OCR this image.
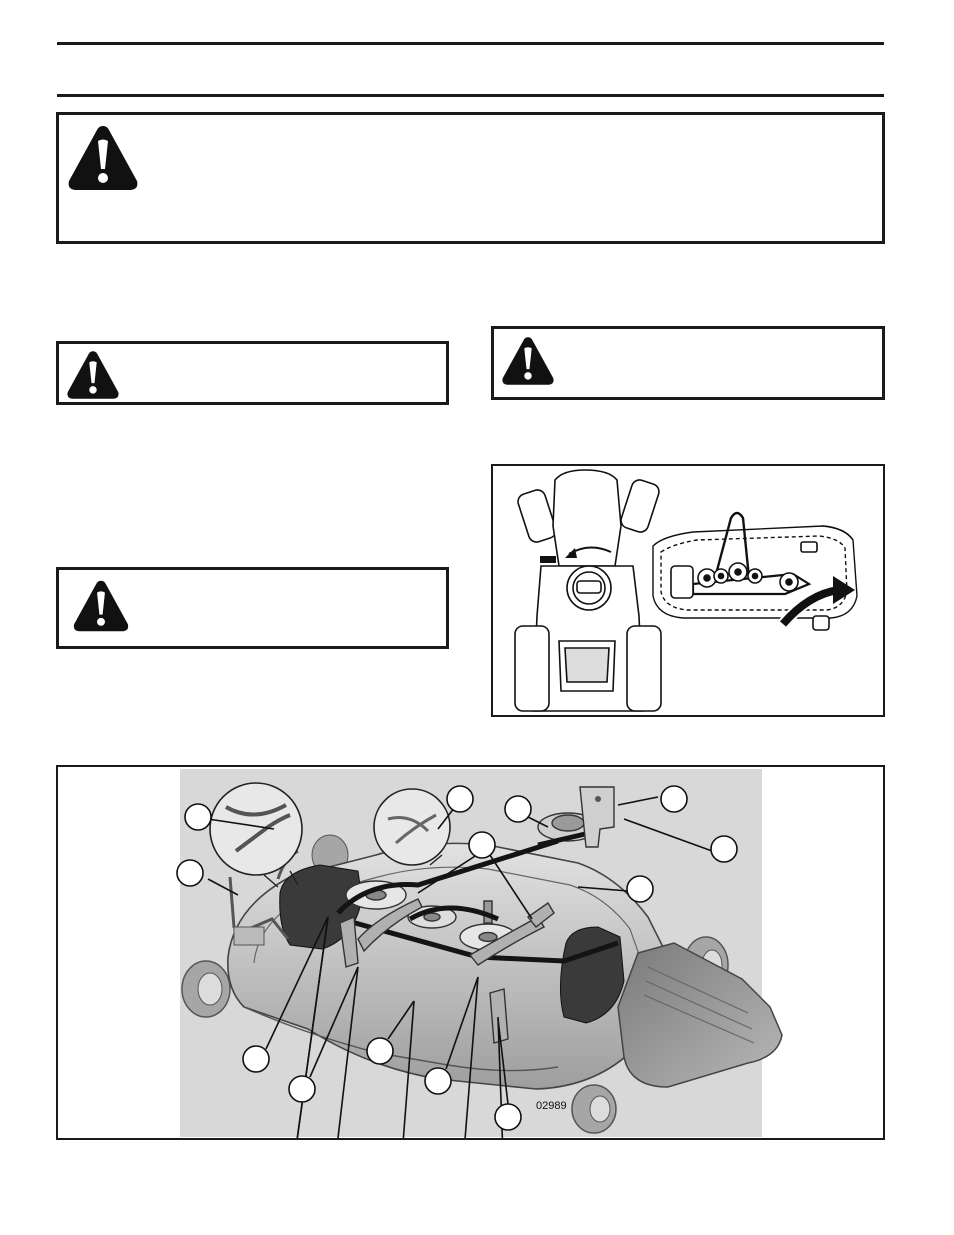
02989
